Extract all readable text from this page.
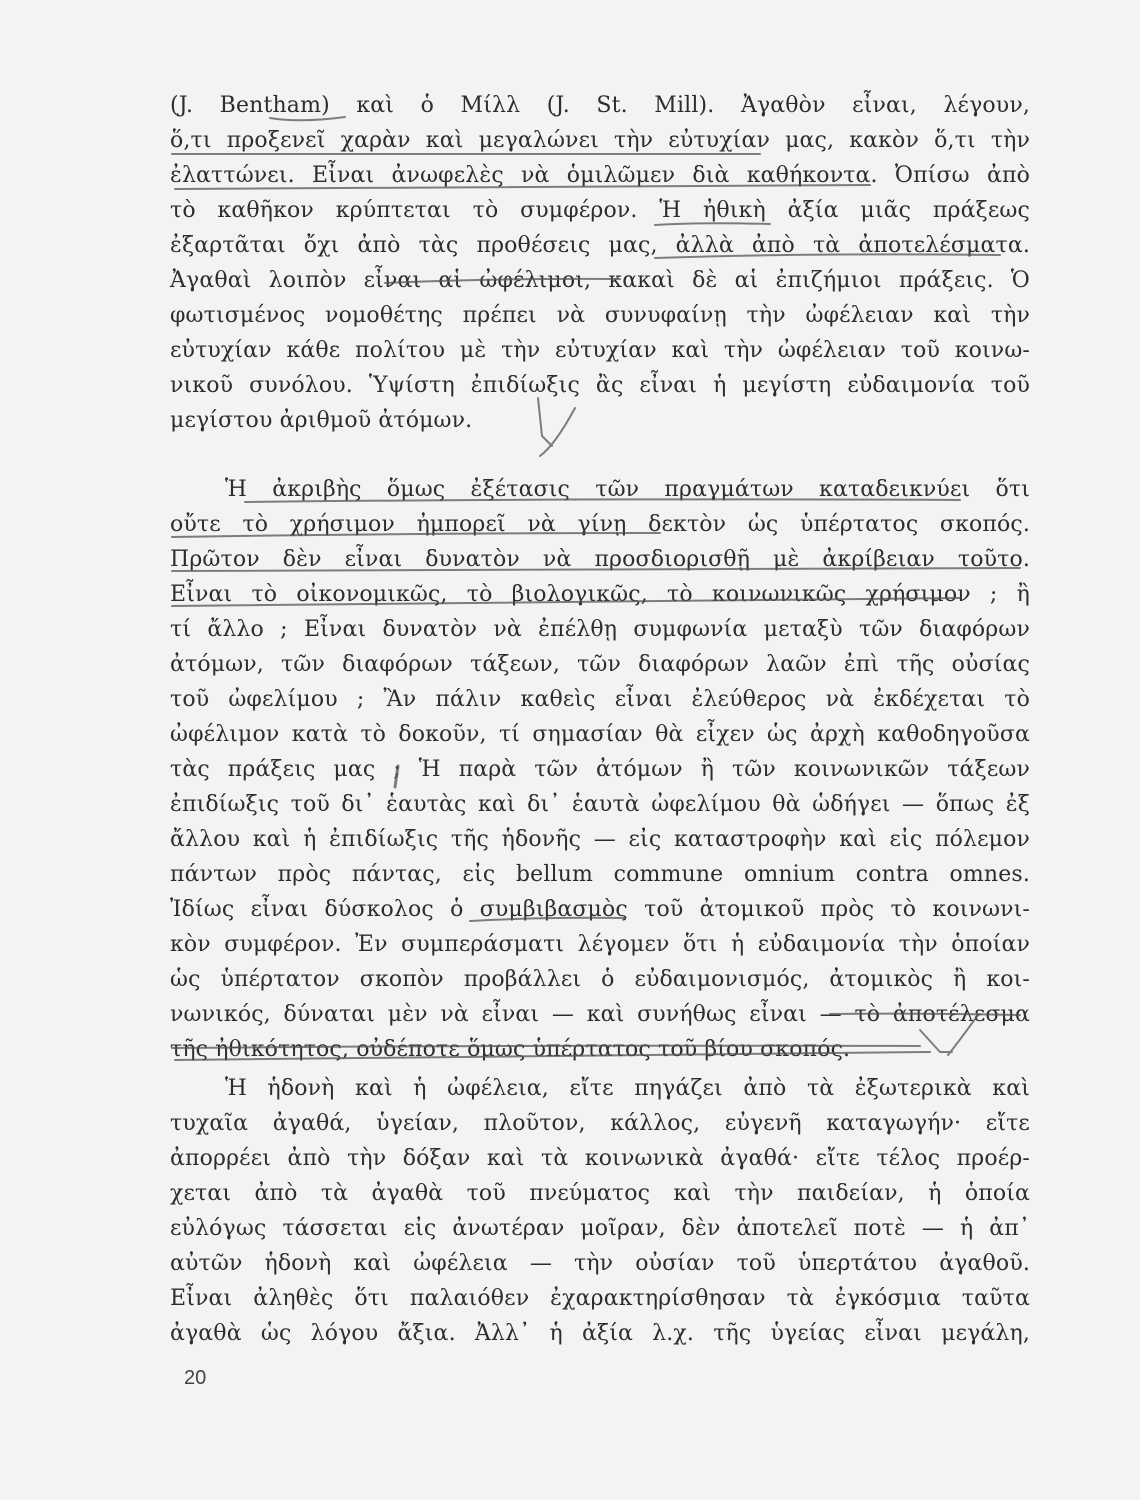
(J. Bentham) καὶ ὁ Μίλλ (J. St. Mill). Ἀγαθὸν εἶναι, λέγουν,
ὅ,τι προξενεῖ χαρὰν καὶ μεγαλώνει τὴν εὐτυχίαν μας, κακὸν ὅ,τι τὴν
ἐλαττώνει. Εἶναι ἀνωφελὲς νὰ ὁμιλῶμεν διὰ καθήκοντα. Ὀπίσω ἀπὸ
τὸ καθῆκον κρύπτεται τὸ συμφέρον. Ἡ ἠθικὴ ἀξία μιᾶς πράξεως
ἐξαρτᾶται ὄχι ἀπὸ τὰς προθέσεις μας, ἀλλὰ ἀπὸ τὰ ἀποτελέσματα.
Ἀγαθαὶ λοιπὸν εἶναι αἱ ὠφέλιμοι, κακαὶ δὲ αἱ ἐπιζήμιοι πράξεις. Ὁ
φωτισμένος νομοθέτης πρέπει νὰ συνυφαίνῃ τὴν ὠφέλειαν καὶ τὴν
εὐτυχίαν κάθε πολίτου μὲ τὴν εὐτυχίαν καὶ τὴν ὠφέλειαν τοῦ κοινω-
νικοῦ συνόλου. Ὑψίστη ἐπιδίωξις ἂς εἶναι ἡ μεγίστη εὐδαιμονία τοῦ
μεγίστου ἀριθμοῦ ἀτόμων.
Ἡ ἀκριβὴς ὅμως ἐξέτασις τῶν πραγμάτων καταδεικνύει ὅτι
οὔτε τὸ χρήσιμον ἠμπορεῖ νὰ γίνῃ δεκτὸν ὡς ὑπέρτατος σκοπός.
Πρῶτον δὲν εἶναι δυνατὸν νὰ προσδιορισθῇ μὲ ἀκρίβειαν τοῦτο.
Εἶναι τὸ οἰκονομικῶς, τὸ βιολογικῶς, τὸ κοινωνικῶς χρήσιμον ; ἢ
τί ἄλλο ; Εἶναι δυνατὸν νὰ ἐπέλθῃ συμφωνία μεταξὺ τῶν διαφόρων
ἀτόμων, τῶν διαφόρων τάξεων, τῶν διαφόρων λαῶν ἐπὶ τῆς οὐσίας
τοῦ ὠφελίμου ; Ἂν πάλιν καθεὶς εἶναι ἐλεύθερος νὰ ἐκδέχεται τὸ
ὠφέλιμον κατὰ τὸ δοκοῦν, τί σημασίαν θὰ εἶχεν ὡς ἀρχὴ καθοδηγοῦσα
τὰς πράξεις μας ; Ἡ παρὰ τῶν ἀτόμων ἢ τῶν κοινωνικῶν τάξεων
ἐπιδίωξις τοῦ δι᾽ ἑαυτὰς καὶ δι᾽ ἑαυτὰ ὠφελίμου θὰ ὡδήγει — ὅπως ἐξ
ἄλλου καὶ ἡ ἐπιδίωξις τῆς ἡδονῆς — εἰς καταστροφὴν καὶ εἰς πόλεμον
πάντων πρὸς πάντας, εἰς bellum commune omnium contra omnes.
Ἰδίως εἶναι δύσκολος ὁ συμβιβασμὸς τοῦ ἀτομικοῦ πρὸς τὸ κοινωνι-
κὸν συμφέρον. Ἐν συμπεράσματι λέγομεν ὅτι ἡ εὐδαιμονία τὴν ὁποίαν
ὡς ὑπέρτατον σκοπὸν προβάλλει ὁ εὐδαιμονισμός, ἀτομικὸς ἢ κοι-
νωνικός, δύναται μὲν νὰ εἶναι — καὶ συνήθως εἶναι — τὸ ἀποτέλεσμα
τῆς ἠθικότητος, οὐδέποτε ὅμως ὑπέρτατος τοῦ βίου σκοπός.
Ἡ ἡδονὴ καὶ ἡ ὠφέλεια, εἴτε πηγάζει ἀπὸ τὰ ἐξωτερικὰ καὶ
τυχαῖα ἀγαθά, ὑγείαν, πλοῦτον, κάλλος, εὐγενῆ καταγωγήν· εἴτε
ἀπορρέει ἀπὸ τὴν δόξαν καὶ τὰ κοινωνικὰ ἀγαθά· εἴτε τέλος προέρ-
χεται ἀπὸ τὰ ἀγαθὰ τοῦ πνεύματος καὶ τὴν παιδείαν, ἡ ὁποία
εὐλόγως τάσσεται εἰς ἀνωτέραν μοῖραν, δὲν ἀποτελεῖ ποτὲ — ἡ ἀπ᾽
αὐτῶν ἡδονὴ καὶ ὠφέλεια — τὴν οὐσίαν τοῦ ὑπερτάτου ἀγαθοῦ.
Εἶναι ἀληθὲς ὅτι παλαιόθεν ἐχαρακτηρίσθησαν τὰ ἐγκόσμια ταῦτα
ἀγαθὰ ὡς λόγου ἄξια. Ἀλλ᾽ ἡ ἀξία λ.χ. τῆς ὑγείας εἶναι μεγάλη,
20
